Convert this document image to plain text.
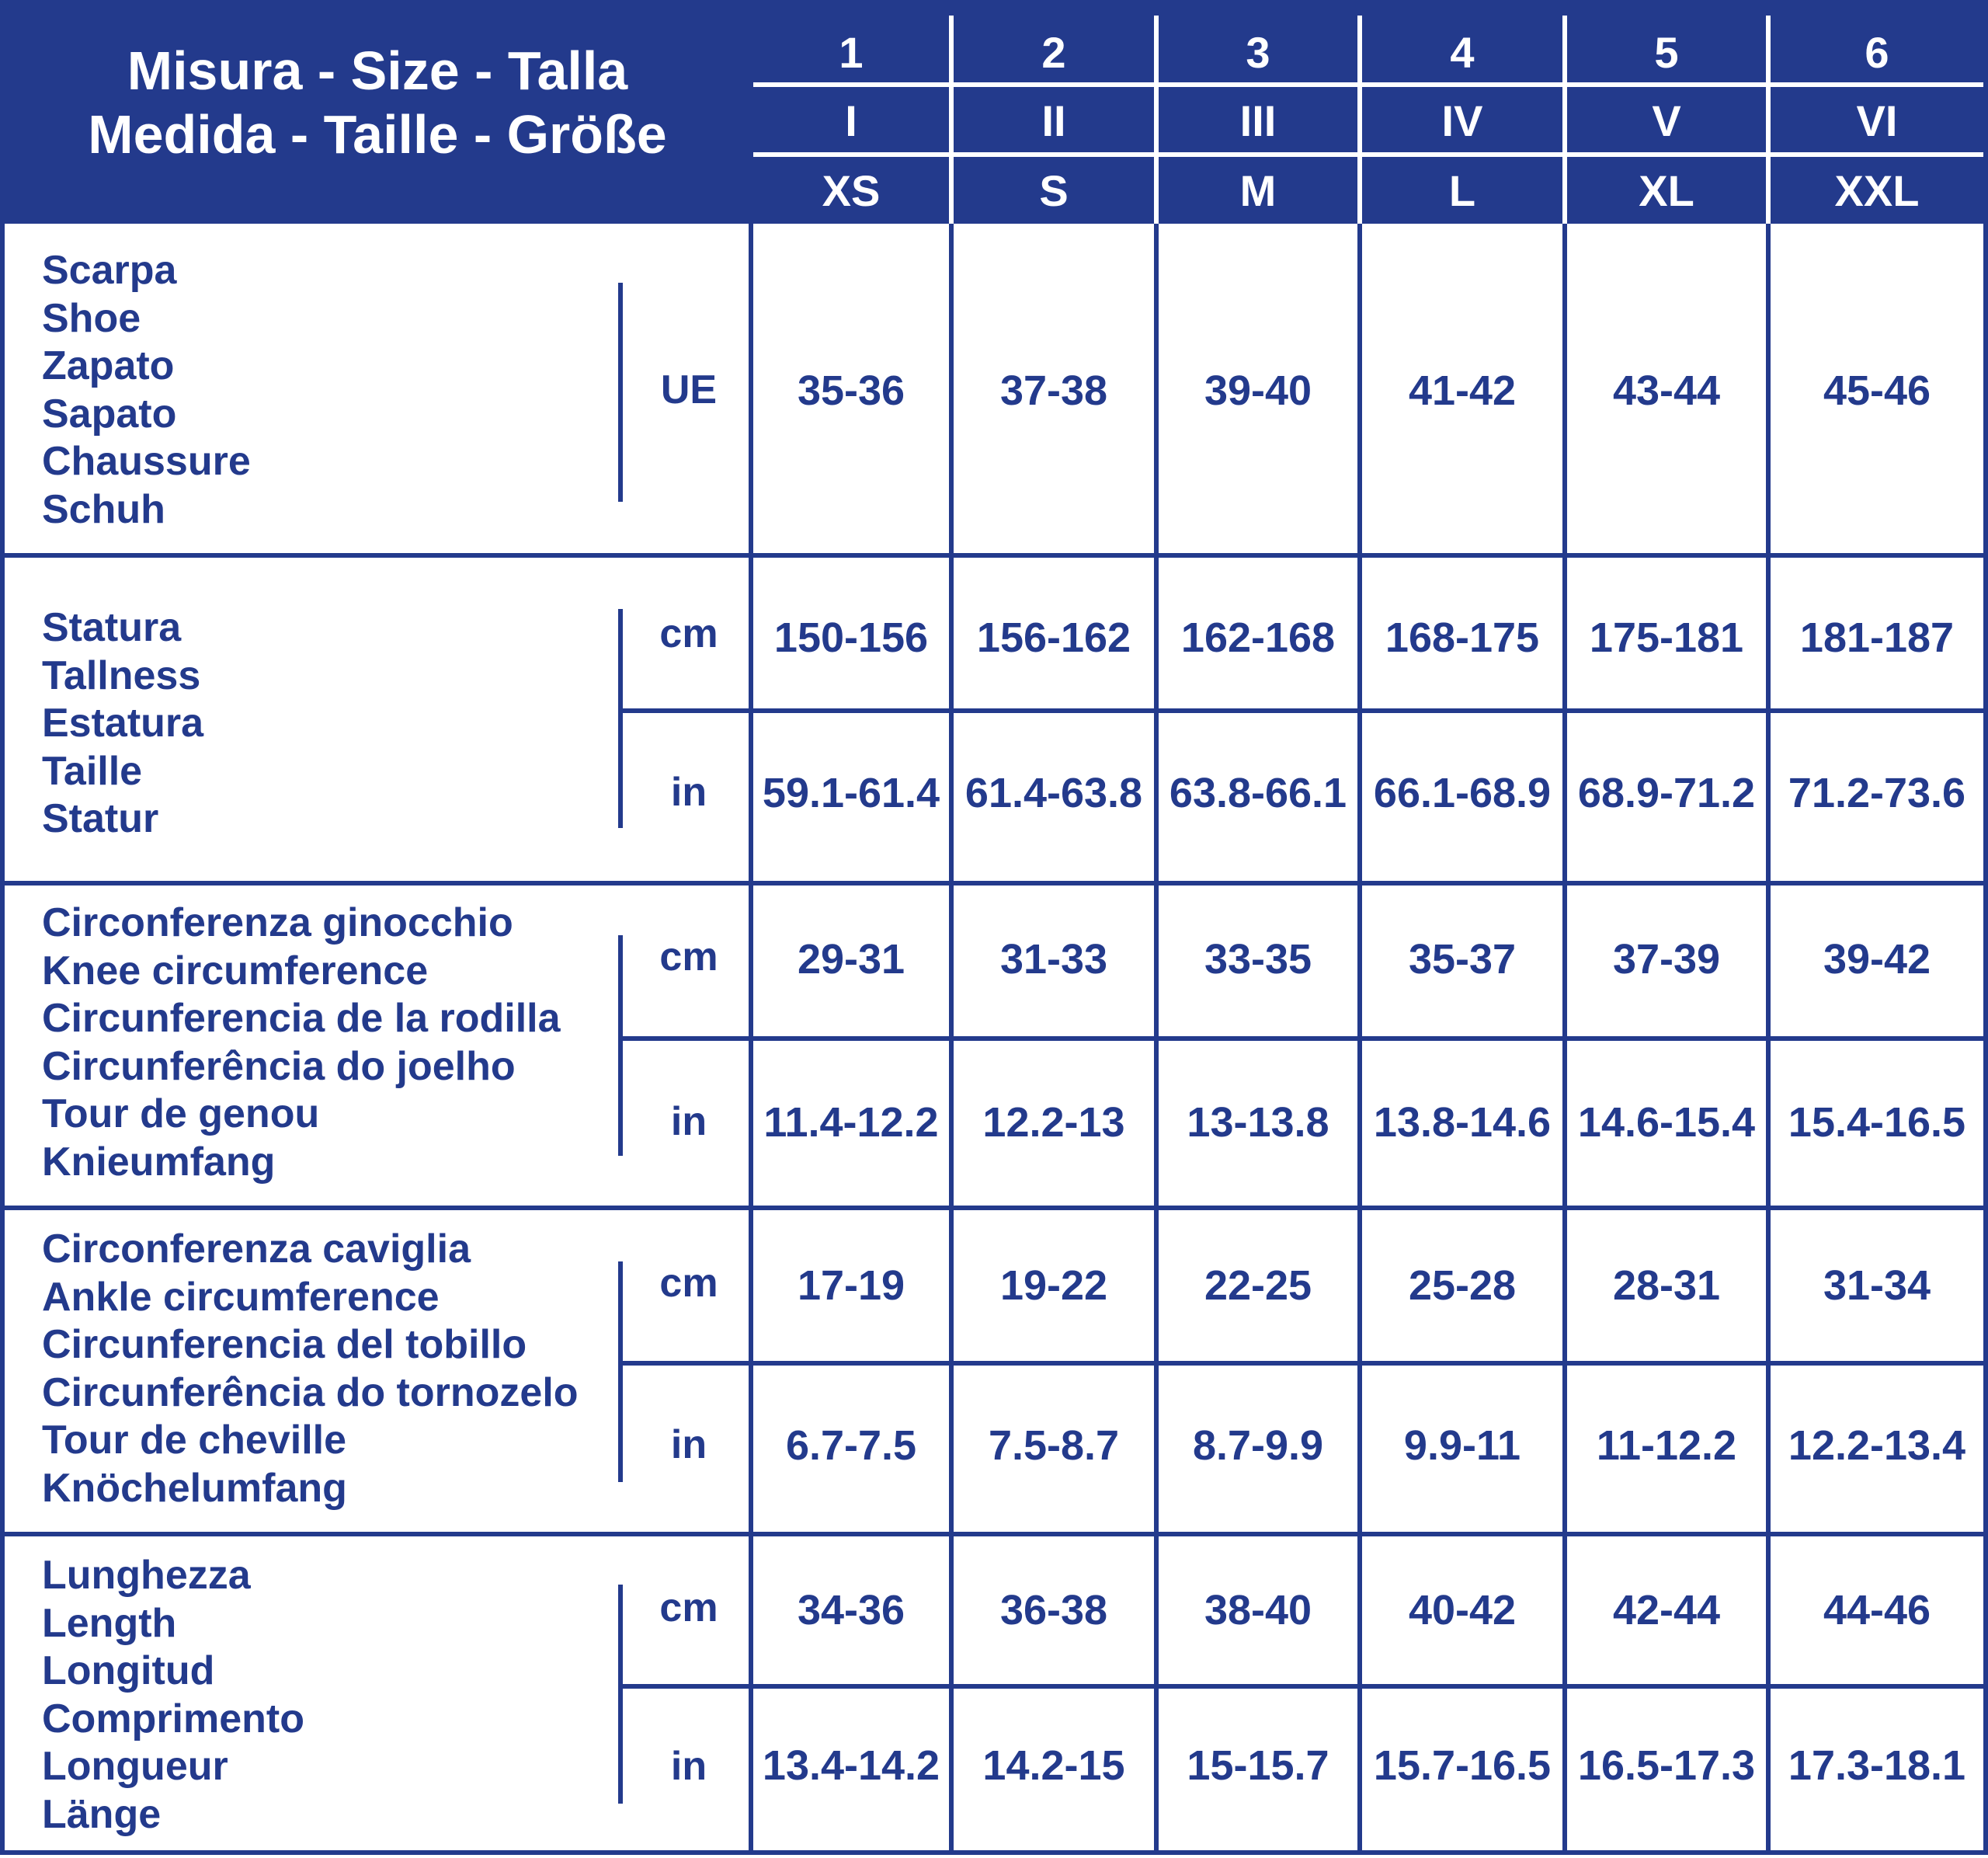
Misura - Size - Talla
Medida - Taille - Größe
1	2	3	4	5	6
I	II	III	IV	V	VI
XS	S	M	L	XL	XXL
Scarpa
Shoe
Zapato
Sapato
Chaussure
Schuh
UE	35-36	37-38	39-40	41-42	43-44	45-46
Statura
Tallness
Estatura
Taille
Statur
cm	150-156	156-162	162-168	168-175	175-181	181-187
in	59.1-61.4 61.4-63.8 63.8-66.1 66.1-68.9 68.9-71.2 71.2-73.6
Circonferenza ginocchio
Knee circumference
Circunferencia de la rodilla
Circunferência do joelho
Tour de genou
Knieumfang
cm	29-31	31-33	33-35	35-37	37-39	39-42
in	11.4-12.2	12.2-13	13-13.8	13.8-14.6 14.6-15.4 15.4-16.5
Circonferenza caviglia
Ankle circumference
Circunferencia del tobillo
Circunferência do tornozelo
Tour de cheville
Knöchelumfang
cm	17-19	19-22	22-25	25-28	28-31	31-34
in	6.7-7.5	7.5-8.7	8.7-9.9	9.9-11	11-12.2	12.2-13.4
Lunghezza
Length
Longitud
Comprimento
Longueur
Länge
cm	34-36	36-38	38-40	40-42	42-44	44-46
in	13.4-14.2	14.2-15	15-15.7	15.7-16.5 16.5-17.3 17.3-18.1
